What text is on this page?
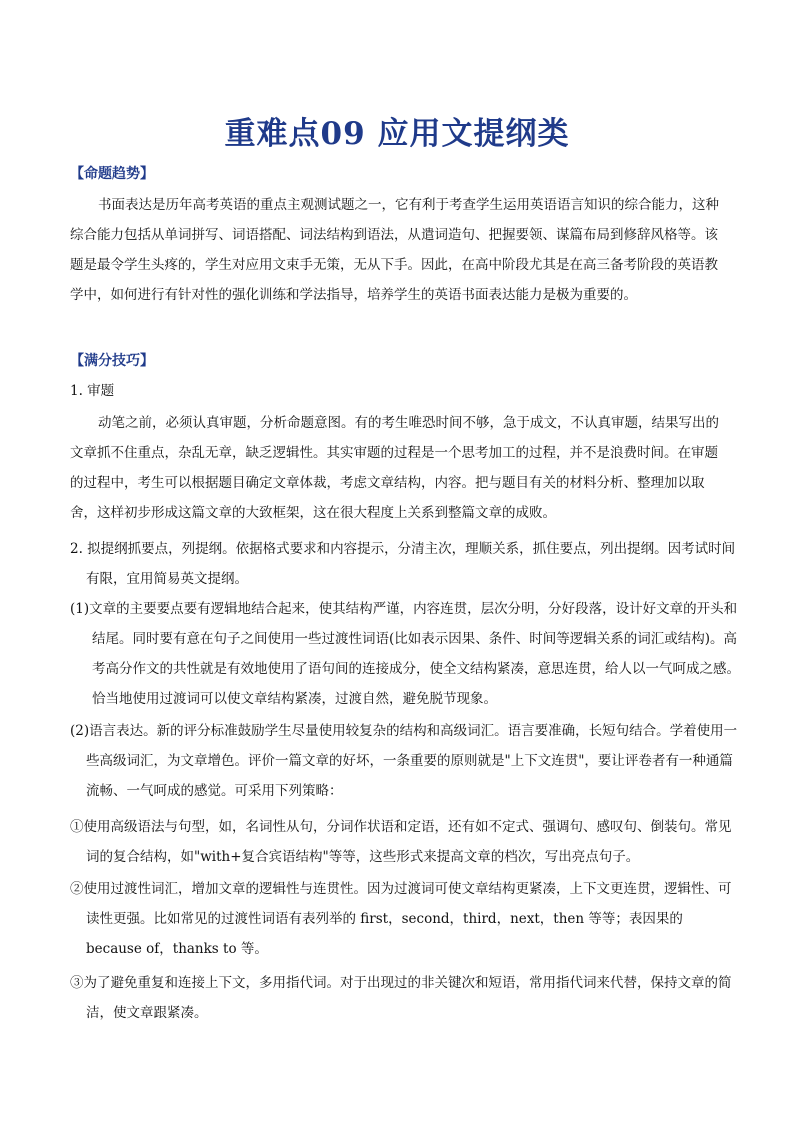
重难点09 应用文提纲类
【命题趋势】
书面表达是历年高考英语的重点主观测试题之一，它有利于考查学生运用英语语言知识的综合能力，这种综合能力包括从单词拼写、词语搭配、词法结构到语法，从遣词造句、把握要领、谋篇布局到修辞风格等。该题是最令学生头疼的，学生对应用文束手无策，无从下手。因此，在高中阶段尤其是在高三备考阶段的英语教学中，如何进行有针对性的强化训练和学法指导，培养学生的英语书面表达能力是极为重要的。
【满分技巧】
1. 审题
动笔之前，必须认真审题，分析命题意图。有的考生唯恐时间不够，急于成文，不认真审题，结果写出的文章抓不住重点，杂乱无章，缺乏逻辑性。其实审题的过程是一个思考加工的过程，并不是浪费时间。在审题的过程中，考生可以根据题目确定文章体裁，考虑文章结构，内容。把与题目有关的材料分析、整理加以取舍，这样初步形成这篇文章的大致框架，这在很大程度上关系到整篇文章的成败。
2. 拟提纲抓要点，列提纲。依据格式要求和内容提示，分清主次，理顺关系，抓住要点，列出提纲。因考试时间有限，宜用简易英文提纲。
(1)文章的主要要点要有逻辑地结合起来，使其结构严谨，内容连贯，层次分明，分好段落，设计好文章的开头和结尾。同时要有意在句子之间使用一些过渡性词语(比如表示因果、条件、时间等逻辑关系的词汇或结构)。高考高分作文的共性就是有效地使用了语句间的连接成分，使全文结构紧凑，意思连贯，给人以一气呵成之感。恰当地使用过渡词可以使文章结构紧凑，过渡自然，避免脱节现象。
(2)语言表达。新的评分标准鼓励学生尽量使用较复杂的结构和高级词汇。语言要准确，长短句结合。学着使用一些高级词汇，为文章增色。评价一篇文章的好坏，一条重要的原则就是"上下文连贯"，要让评卷者有一种通篇流畅、一气呵成的感觉。可采用下列策略：
①使用高级语法与句型，如，名词性从句，分词作状语和定语，还有如不定式、强调句、感叹句、倒装句。常见词的复合结构，如"with+复合宾语结构"等等，这些形式来提高文章的档次，写出亮点句子。
②使用过渡性词汇，增加文章的逻辑性与连贯性。因为过渡词可使文章结构更紧凑，上下文更连贯，逻辑性、可读性更强。比如常见的过渡性词语有表列举的 first，second，third，next，then 等等；表因果的 because of，thanks to 等。
③为了避免重复和连接上下文，多用指代词。对于出现过的非关键次和短语，常用指代词来代替，保持文章的简洁，使文章跟紧凑。
